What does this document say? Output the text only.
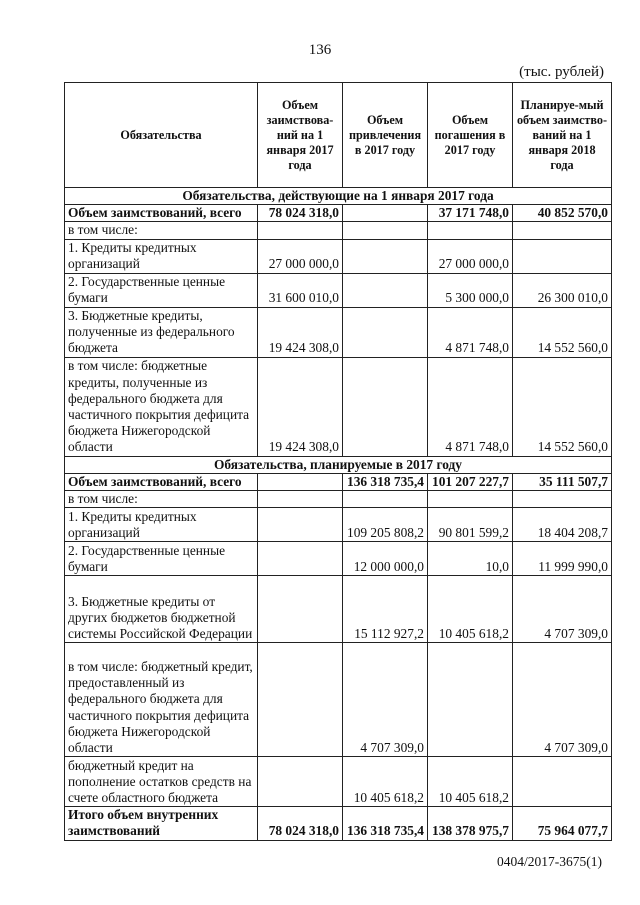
136
(тыс. рублей)
Обязательства	Объем заимствова-ний на 1 января 2017 года	Объем привлечения в 2017 году	Объем погашения в 2017 году	Планируе-мый объем заимство-ваний на 1 января 2018 года
Обязательства, действующие на 1 января 2017 года				
Объем заимствований, всего	78 024 318,0		37 171 748,0	40 852 570,0
в том числе:				
1. Кредиты кредитных организаций	27 000 000,0		27 000 000,0	
2. Государственные ценные бумаги	31 600 010,0		5 300 000,0	26 300 010,0
3. Бюджетные кредиты, полученные из федерального бюджета	19 424 308,0		4 871 748,0	14 552 560,0
в том числе: бюджетные кредиты, полученные из федерального бюджета для частичного покрытия дефицита бюджета Нижегородской области	19 424 308,0		4 871 748,0	14 552 560,0
Обязательства, планируемые в 2017 году				
Объем заимствований, всего		136 318 735,4	101 207 227,7	35 111 507,7
в том числе:				
1. Кредиты кредитных организаций		109 205 808,2	90 801 599,2	18 404 208,7
2. Государственные ценные бумаги		12 000 000,0	10,0	11 999 990,0
3. Бюджетные кредиты от других бюджетов бюджетной системы Российской Федерации		15 112 927,2	10 405 618,2	4 707 309,0
в том числе: бюджетный кредит, предоставленный из федерального бюджета для частичного покрытия дефицита бюджета Нижегородской области		4 707 309,0		4 707 309,0
бюджетный кредит на пополнение остатков средств на счете областного бюджета		10 405 618,2	10 405 618,2	
Итого объем внутренних заимствований	78 024 318,0	136 318 735,4	138 378 975,7	75 964 077,7
0404/2017-3675(1)
